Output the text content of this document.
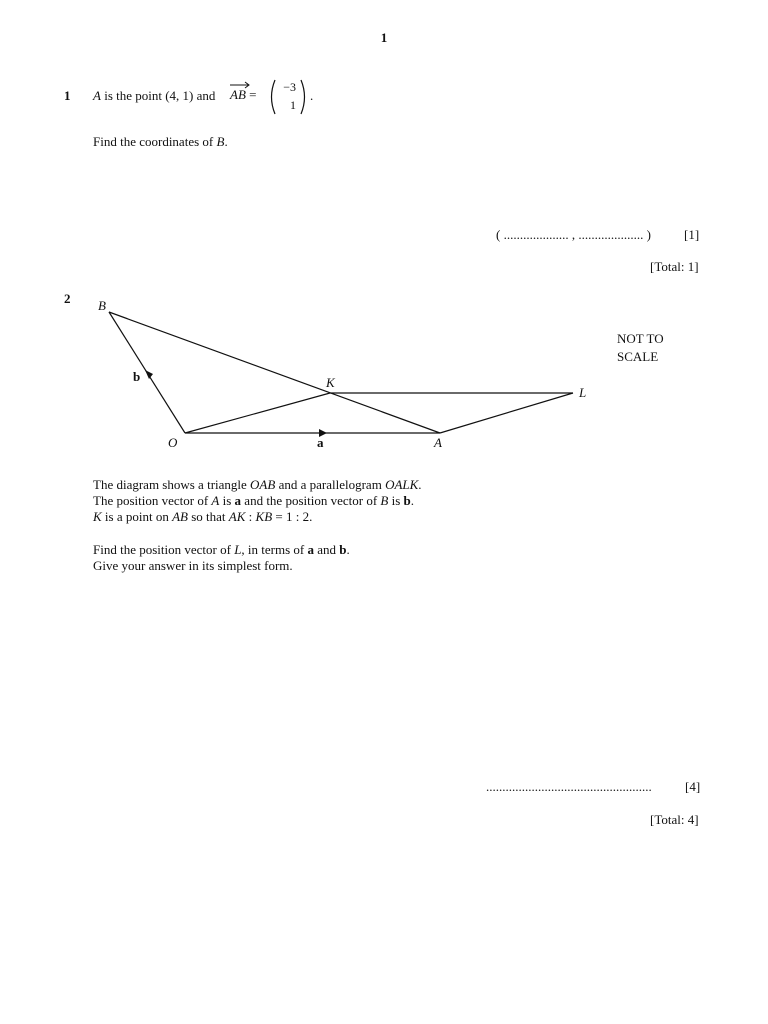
1
1 A is the point (4, 1) and AB = −3
1
.
Find the coordinates of B.
( .................... , .................... )	[1]
[Total: 1]
2 B
b	K
L
O	a	A
NOT TO
SCALE
The diagram shows a triangle OAB and a parallelogram OALK.
The position vector of A is a and the position vector of B is b.
K is a point on AB so that AK : KB = 1 : 2.
Find the position vector of L, in terms of a and b.
Give your answer in its simplest form.
...................................................	[4]
[Total: 4]
